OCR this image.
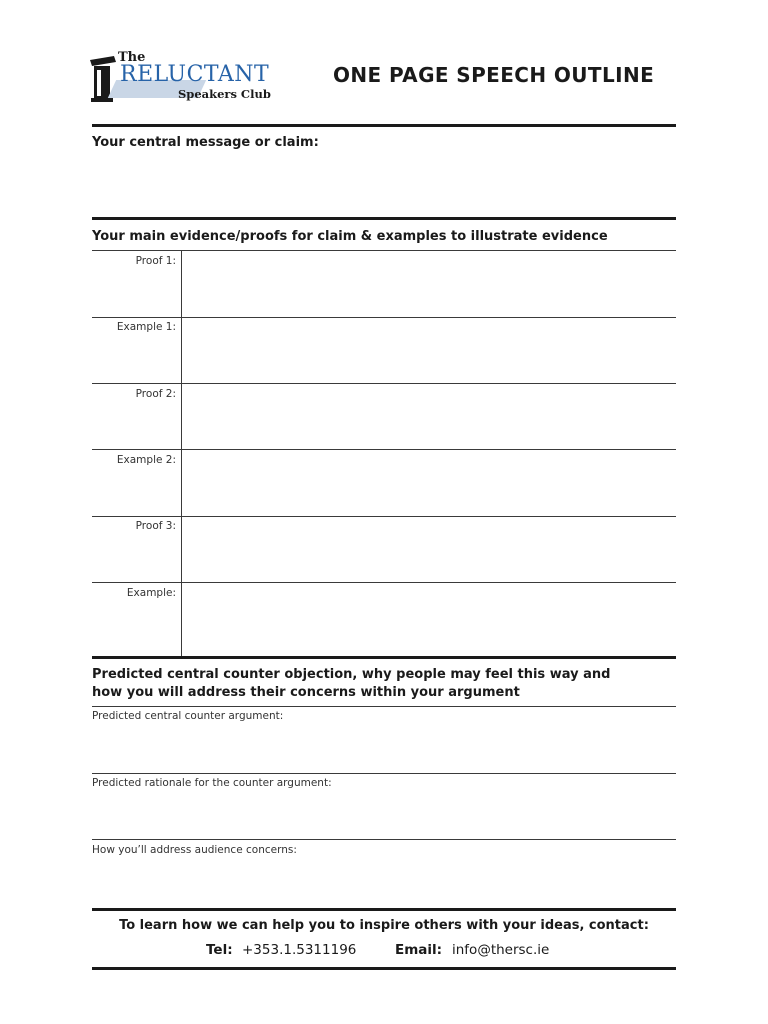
The
RELUCTANT
Speakers Club
ONE PAGE SPEECH OUTLINE
Your central message or claim:
Your main evidence/proofs for claim & examples to illustrate evidence
Proof 1:
Example 1:
Proof 2:
Example 2:
Proof 3:
Example:
Predicted central counter objection, why people may feel this way and
how you will address their concerns within your argument
Predicted central counter argument:
Predicted rationale for the counter argument:
How you’ll address audience concerns:
To learn how we can help you to inspire others with your ideas, contact:
Tel: +353.1.5311196	Email: info@thersc.ie
